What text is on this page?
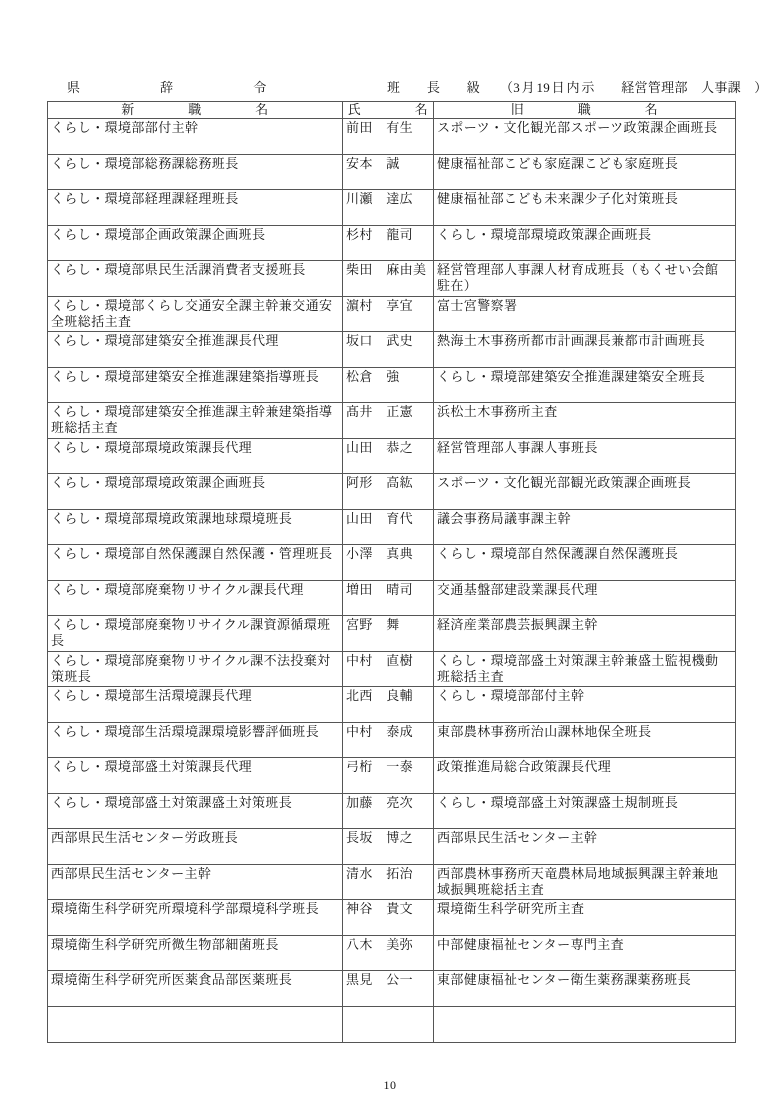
県　　　　　　辞　　　　　　令	班　　長　　級 （3 月 19 日 内 示　　経営管理部　人事課　）
新　　　　職　　　　名	氏　　　　名	旧　　　　職　　　　名
くらし・環境部部付主幹	前田　有生	スポーツ・文化観光部スポーツ政策課企画班長
くらし・環境部総務課総務班長	安本　誠	健康福祉部こども家庭課こども家庭班長
くらし・環境部経理課経理班長	川瀬　達広	健康福祉部こども未来課少子化対策班長
くらし・環境部企画政策課企画班長	杉村　龍司	くらし・環境部環境政策課企画班長
くらし・環境部県民生活課消費者支援班長	柴田　麻由美	経営管理部人事課人材育成班長（もくせい会館駐在）
くらし・環境部くらし交通安全課主幹兼交通安全班総括主査	濵村　享宜	富士宮警察署
くらし・環境部建築安全推進課長代理	坂口　武史	熱海土木事務所都市計画課長兼都市計画班長
くらし・環境部建築安全推進課建築指導班長	松倉　強	くらし・環境部建築安全推進課建築安全班長
くらし・環境部建築安全推進課主幹兼建築指導班総括主査	髙井　正憲	浜松土木事務所主査
くらし・環境部環境政策課長代理	山田　恭之	経営管理部人事課人事班長
くらし・環境部環境政策課企画班長	阿形　高紘	スポーツ・文化観光部観光政策課企画班長
くらし・環境部環境政策課地球環境班長	山田　育代	議会事務局議事課主幹
くらし・環境部自然保護課自然保護・管理班長	小澤　真典	くらし・環境部自然保護課自然保護班長
くらし・環境部廃棄物リサイクル課長代理	増田　晴司	交通基盤部建設業課長代理
くらし・環境部廃棄物リサイクル課資源循環班長	宮野　舞	経済産業部農芸振興課主幹
くらし・環境部廃棄物リサイクル課不法投棄対策班長	中村　直樹	くらし・環境部盛土対策課主幹兼盛土監視機動班総括主査
くらし・環境部生活環境課長代理	北西　良輔	くらし・環境部部付主幹
くらし・環境部生活環境課環境影響評価班長	中村　泰成	東部農林事務所治山課林地保全班長
くらし・環境部盛土対策課長代理	弓桁　一泰	政策推進局総合政策課長代理
くらし・環境部盛土対策課盛土対策班長	加藤　亮次	くらし・環境部盛土対策課盛土規制班長
西部県民生活センター労政班長	長坂　博之	西部県民生活センター主幹
西部県民生活センター主幹	清水　拓治	西部農林事務所天竜農林局地域振興課主幹兼地域振興班総括主査
環境衛生科学研究所環境科学部環境科学班長	神谷　貴文	環境衛生科学研究所主査
環境衛生科学研究所微生物部細菌班長	八木　美弥	中部健康福祉センター専門主査
環境衛生科学研究所医薬食品部医薬班長	黒見　公一	東部健康福祉センター衛生薬務課薬務班長

10
